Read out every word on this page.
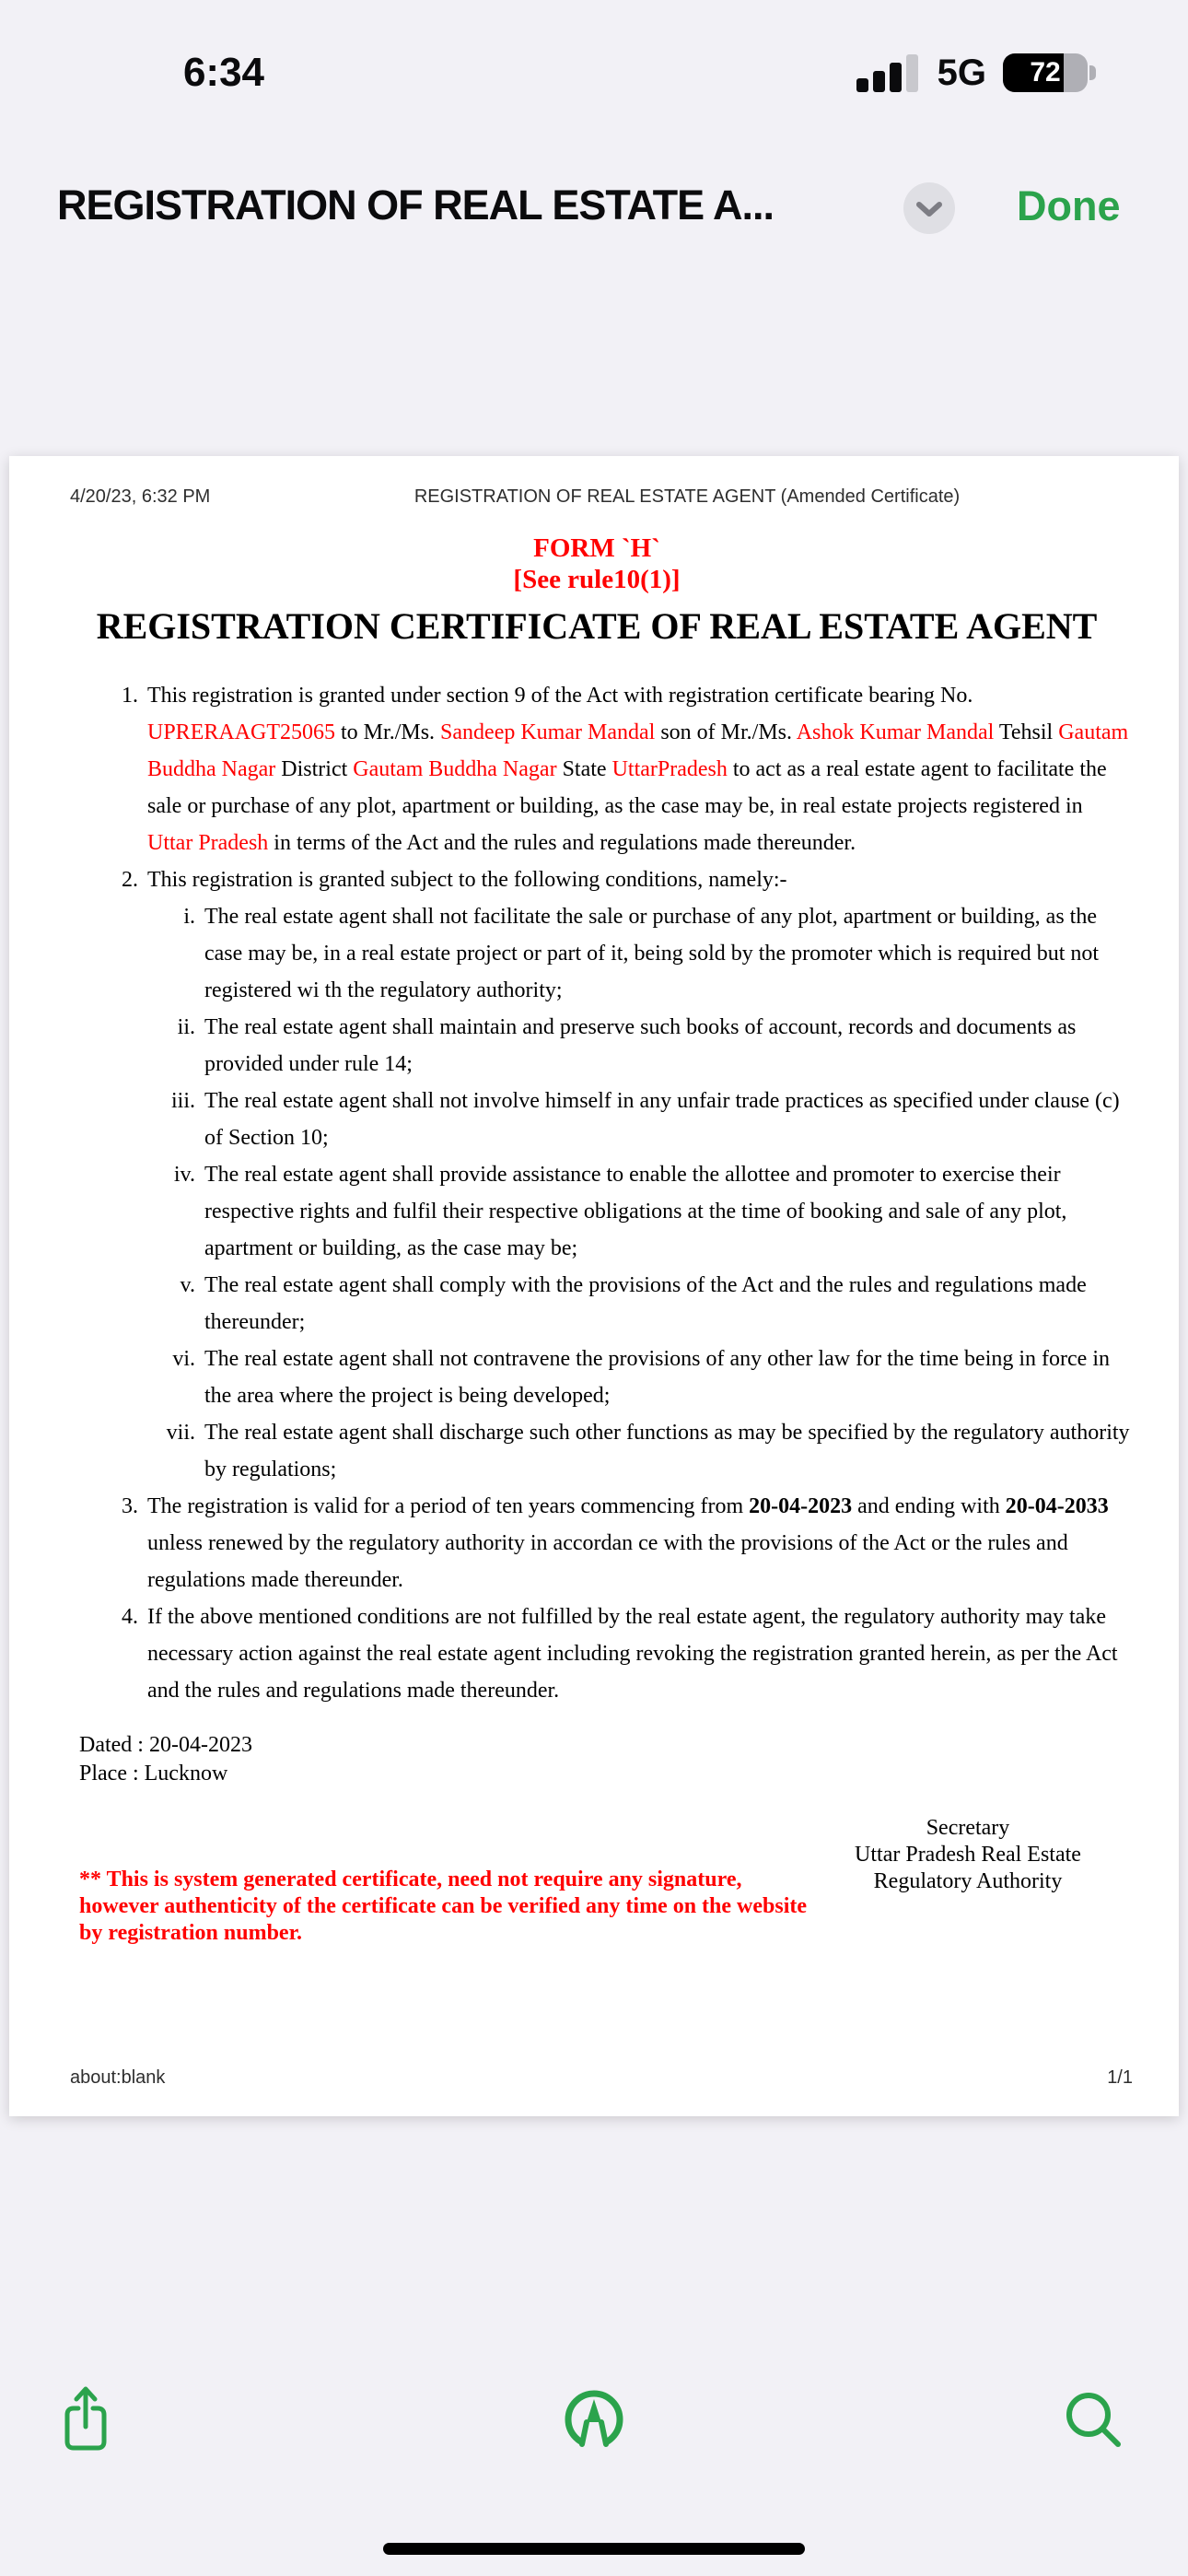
6:34	5G	72
REGISTRATION OF REAL ESTATE A...	Done
4/20/23, 6:32 PM	REGISTRATION OF REAL ESTATE AGENT (Amended Certificate)
FORM `H`
[See rule10(1)]
REGISTRATION CERTIFICATE OF REAL ESTATE AGENT
1. This registration is granted under section 9 of the Act with registration certificate bearing No. UPRERAAGT25065 to Mr./Ms. Sandeep Kumar Mandal son of Mr./Ms. Ashok Kumar Mandal Tehsil Gautam Buddha Nagar District Gautam Buddha Nagar State UttarPradesh to act as a real estate agent to facilitate the sale or purchase of any plot, apartment or building, as the case may be, in real estate projects registered in Uttar Pradesh in terms of the Act and the rules and regulations made thereunder.
2. This registration is granted subject to the following conditions, namely:-
i. The real estate agent shall not facilitate the sale or purchase of any plot, apartment or building, as the case may be, in a real estate project or part of it, being sold by the promoter which is required but not registered wi th the regulatory authority;
ii. The real estate agent shall maintain and preserve such books of account, records and documents as provided under rule 14;
iii. The real estate agent shall not involve himself in any unfair trade practices as specified under clause (c) of Section 10;
iv. The real estate agent shall provide assistance to enable the allottee and promoter to exercise their respective rights and fulfil their respective obligations at the time of booking and sale of any plot, apartment or building, as the case may be;
v. The real estate agent shall comply with the provisions of the Act and the rules and regulations made thereunder;
vi. The real estate agent shall not contravene the provisions of any other law for the time being in force in the area where the project is being developed;
vii. The real estate agent shall discharge such other functions as may be specified by the regulatory authority by regulations;
3. The registration is valid for a period of ten years commencing from 20-04-2023 and ending with 20-04-2033 unless renewed by the regulatory authority in accordan ce with the provisions of the Act or the rules and regulations made thereunder.
4. If the above mentioned conditions are not fulfilled by the real estate agent, the regulatory authority may take necessary action against the real estate agent including revoking the registration granted herein, as per the Act and the rules and regulations made thereunder.
Dated : 20-04-2023
Place : Lucknow
Secretary
Uttar Pradesh Real Estate
Regulatory Authority
** This is system generated certificate, need not require any signature, however authenticity of the certificate can be verified any time on the website by registration number.
about:blank	1/1
